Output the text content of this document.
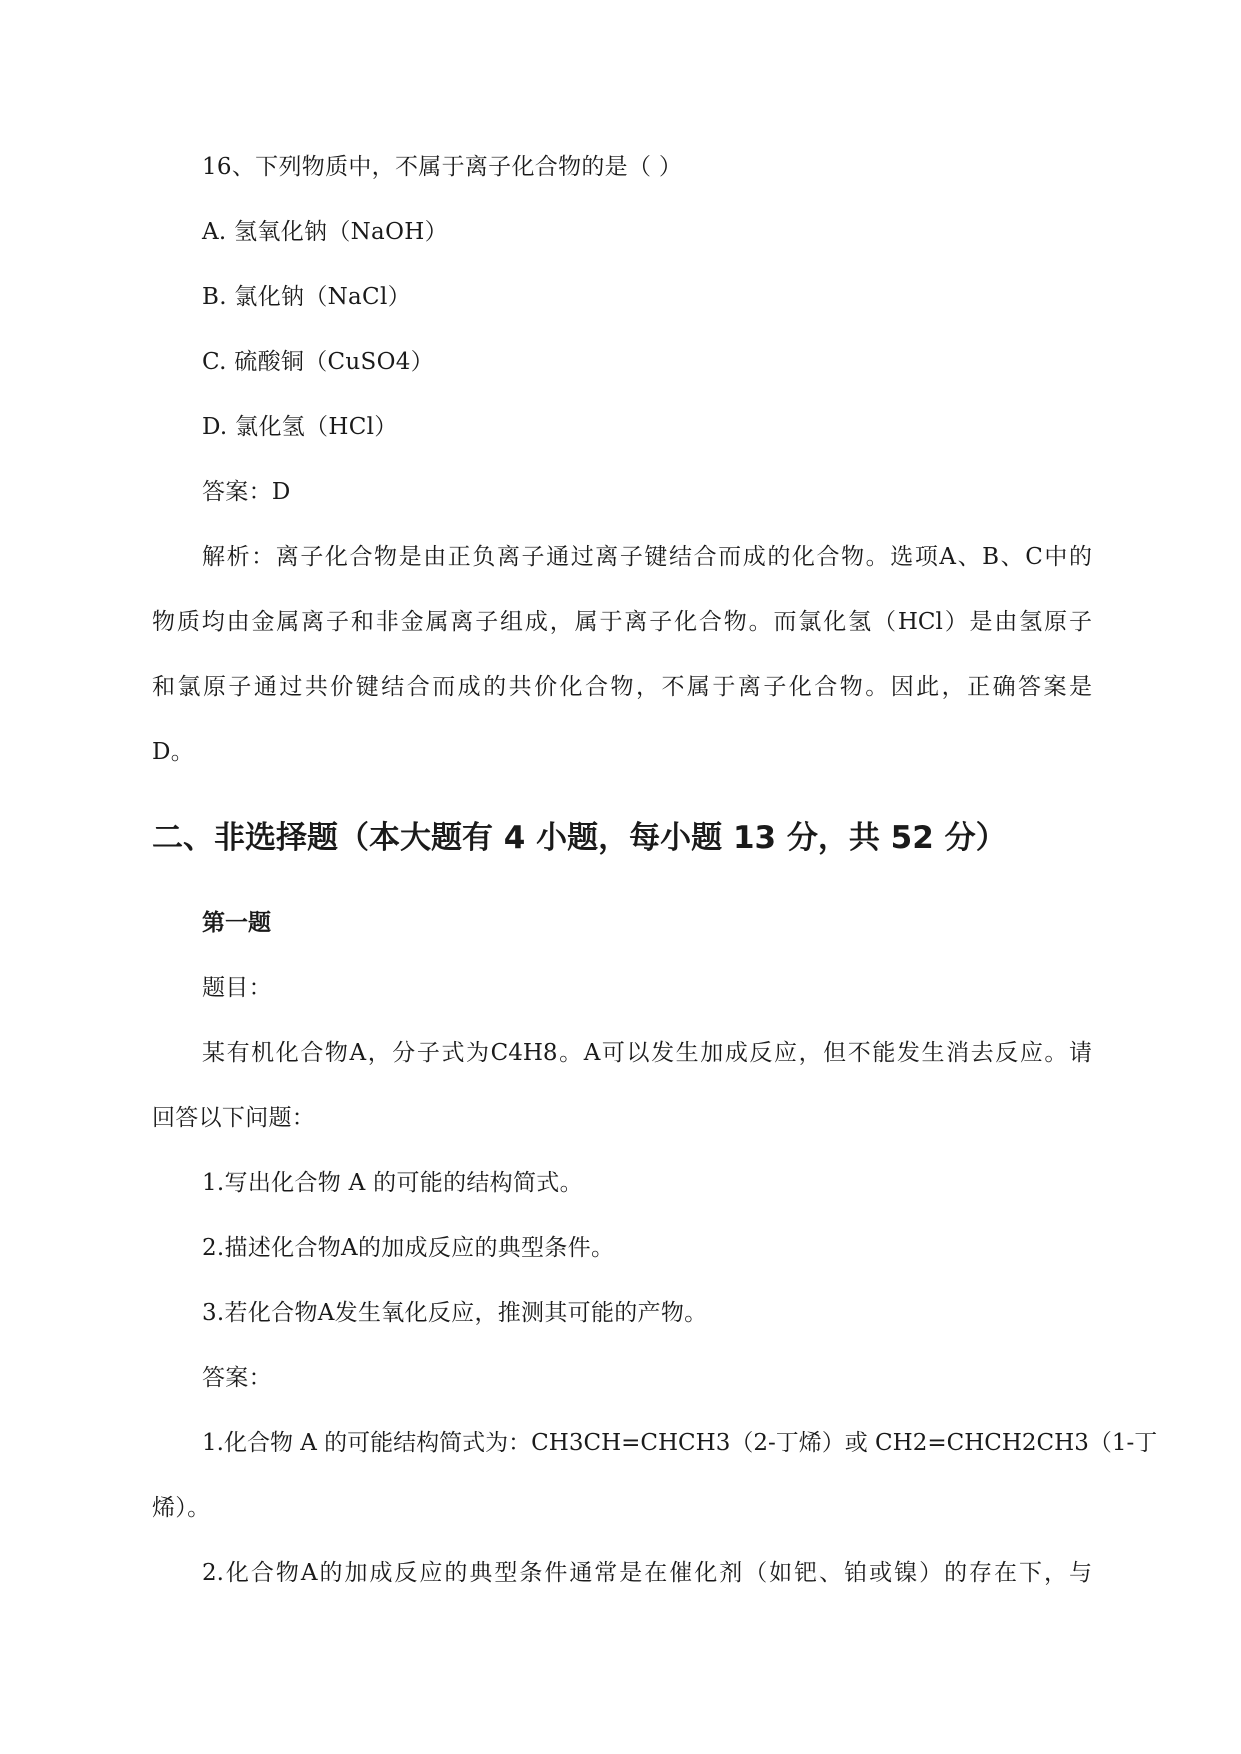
16、下列物质中，不属于离子化合物的是（ ）
A. 氢氧化钠（NaOH）
B. 氯化钠（NaCl）
C. 硫酸铜（CuSO4）
D. 氯化氢（HCl）
答案：D
解析：离子化合物是由正负离子通过离子键结合而成的化合物。选项A、B、C中的
物质均由金属离子和非金属离子组成，属于离子化合物。而氯化氢（HCl）是由氢原子
和氯原子通过共价键结合而成的共价化合物，不属于离子化合物。因此，正确答案是
D。
二、非选择题（本大题有 4 小题，每小题 13 分，共 52 分）
第一题
题目：
某有机化合物A，分子式为C4H8。A可以发生加成反应，但不能发生消去反应。请
回答以下问题：
1.写出化合物 A 的可能的结构简式。
2.描述化合物A的加成反应的典型条件。
3.若化合物A发生氧化反应，推测其可能的产物。
答案：
1.化合物 A 的可能结构简式为：CH3CH=CHCH3（2-丁烯）或 CH2=CHCH2CH3（1-丁
烯）。
2.化合物A的加成反应的典型条件通常是在催化剂（如钯、铂或镍）的存在下，与
